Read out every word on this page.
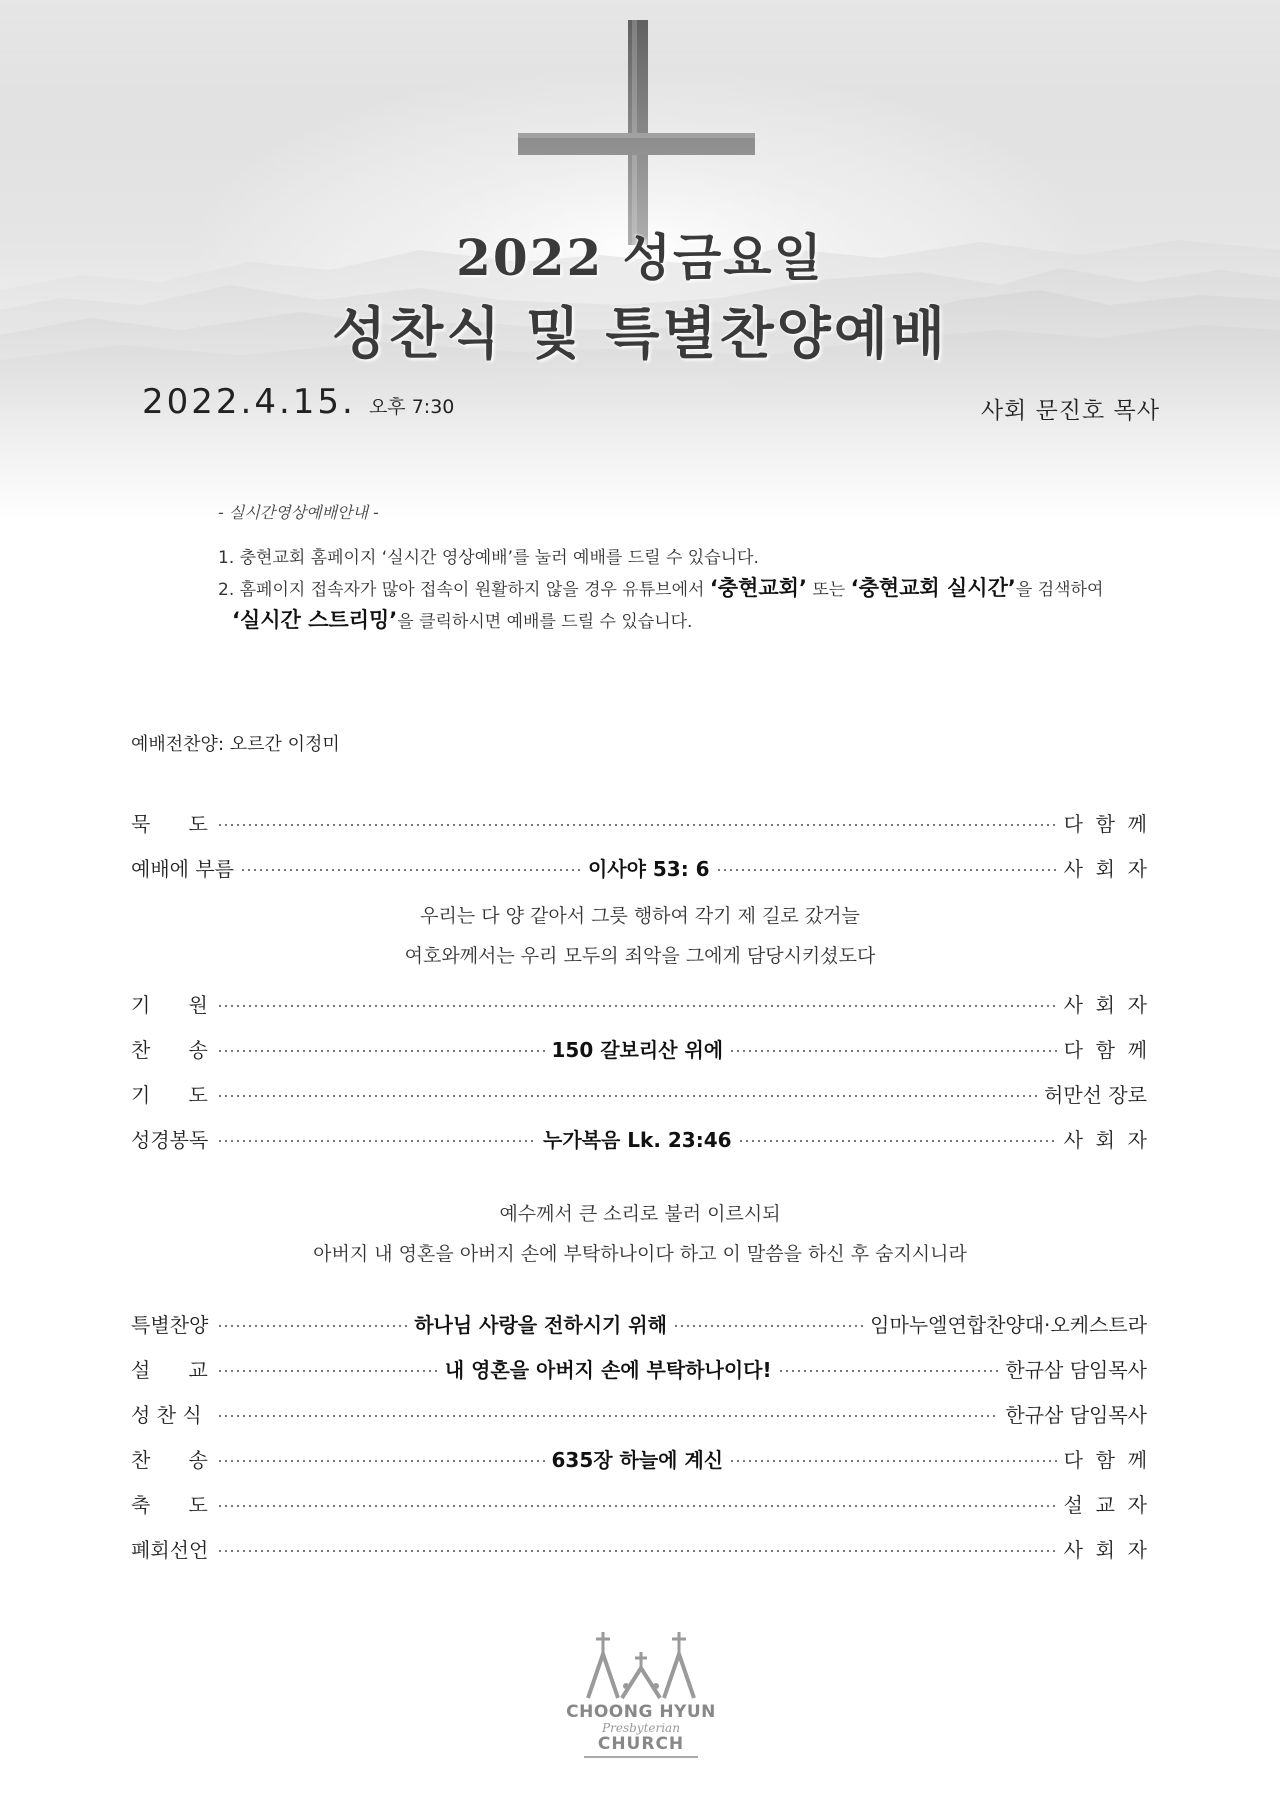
2022 성금요일
성찬식 및 특별찬양예배
2022.4.15. 오후 7:30	사회 문진호 목사
- 실시간영상예배안내 -
1. 충현교회 홈페이지 ‘실시간 영상예배’를 눌러 예배를 드릴 수 있습니다.
2. 홈페이지 접속자가 많아 접속이 원활하지 않을 경우 유튜브에서 ‘충현교회’ 또는 ‘충현교회 실시간’을 검색하여
‘실시간 스트리밍’을 클릭하시면 예배를 드릴 수 있습니다.
예배전찬양: 오르간 이정미
묵      도	다  함  께
예배에 부름	이사야 53: 6	사  회  자
우리는 다 양 같아서 그릇 행하여 각기 제 길로 갔거늘
여호와께서는 우리 모두의 죄악을 그에게 담당시키셨도다
기      원	사  회  자
찬      송	150 갈보리산 위에	다  함  께
기      도	허만선 장로
성경봉독	누가복음 Lk. 23:46	사  회  자
예수께서 큰 소리로 불러 이르시되
아버지 내 영혼을 아버지 손에 부탁하나이다 하고 이 말씀을 하신 후 숨지시니라
특별찬양	하나님 사랑을 전하시기 위해	임마누엘연합찬양대·오케스트라
설      교	내 영혼을 아버지 손에 부탁하나이다!	한규삼 담임목사
성 찬 식	한규삼 담임목사
찬      송	635장 하늘에 계신	다  함  께
축      도	설  교  자
폐회선언	사  회  자
CHOONG HYUN
Presbyterian
CHURCH
